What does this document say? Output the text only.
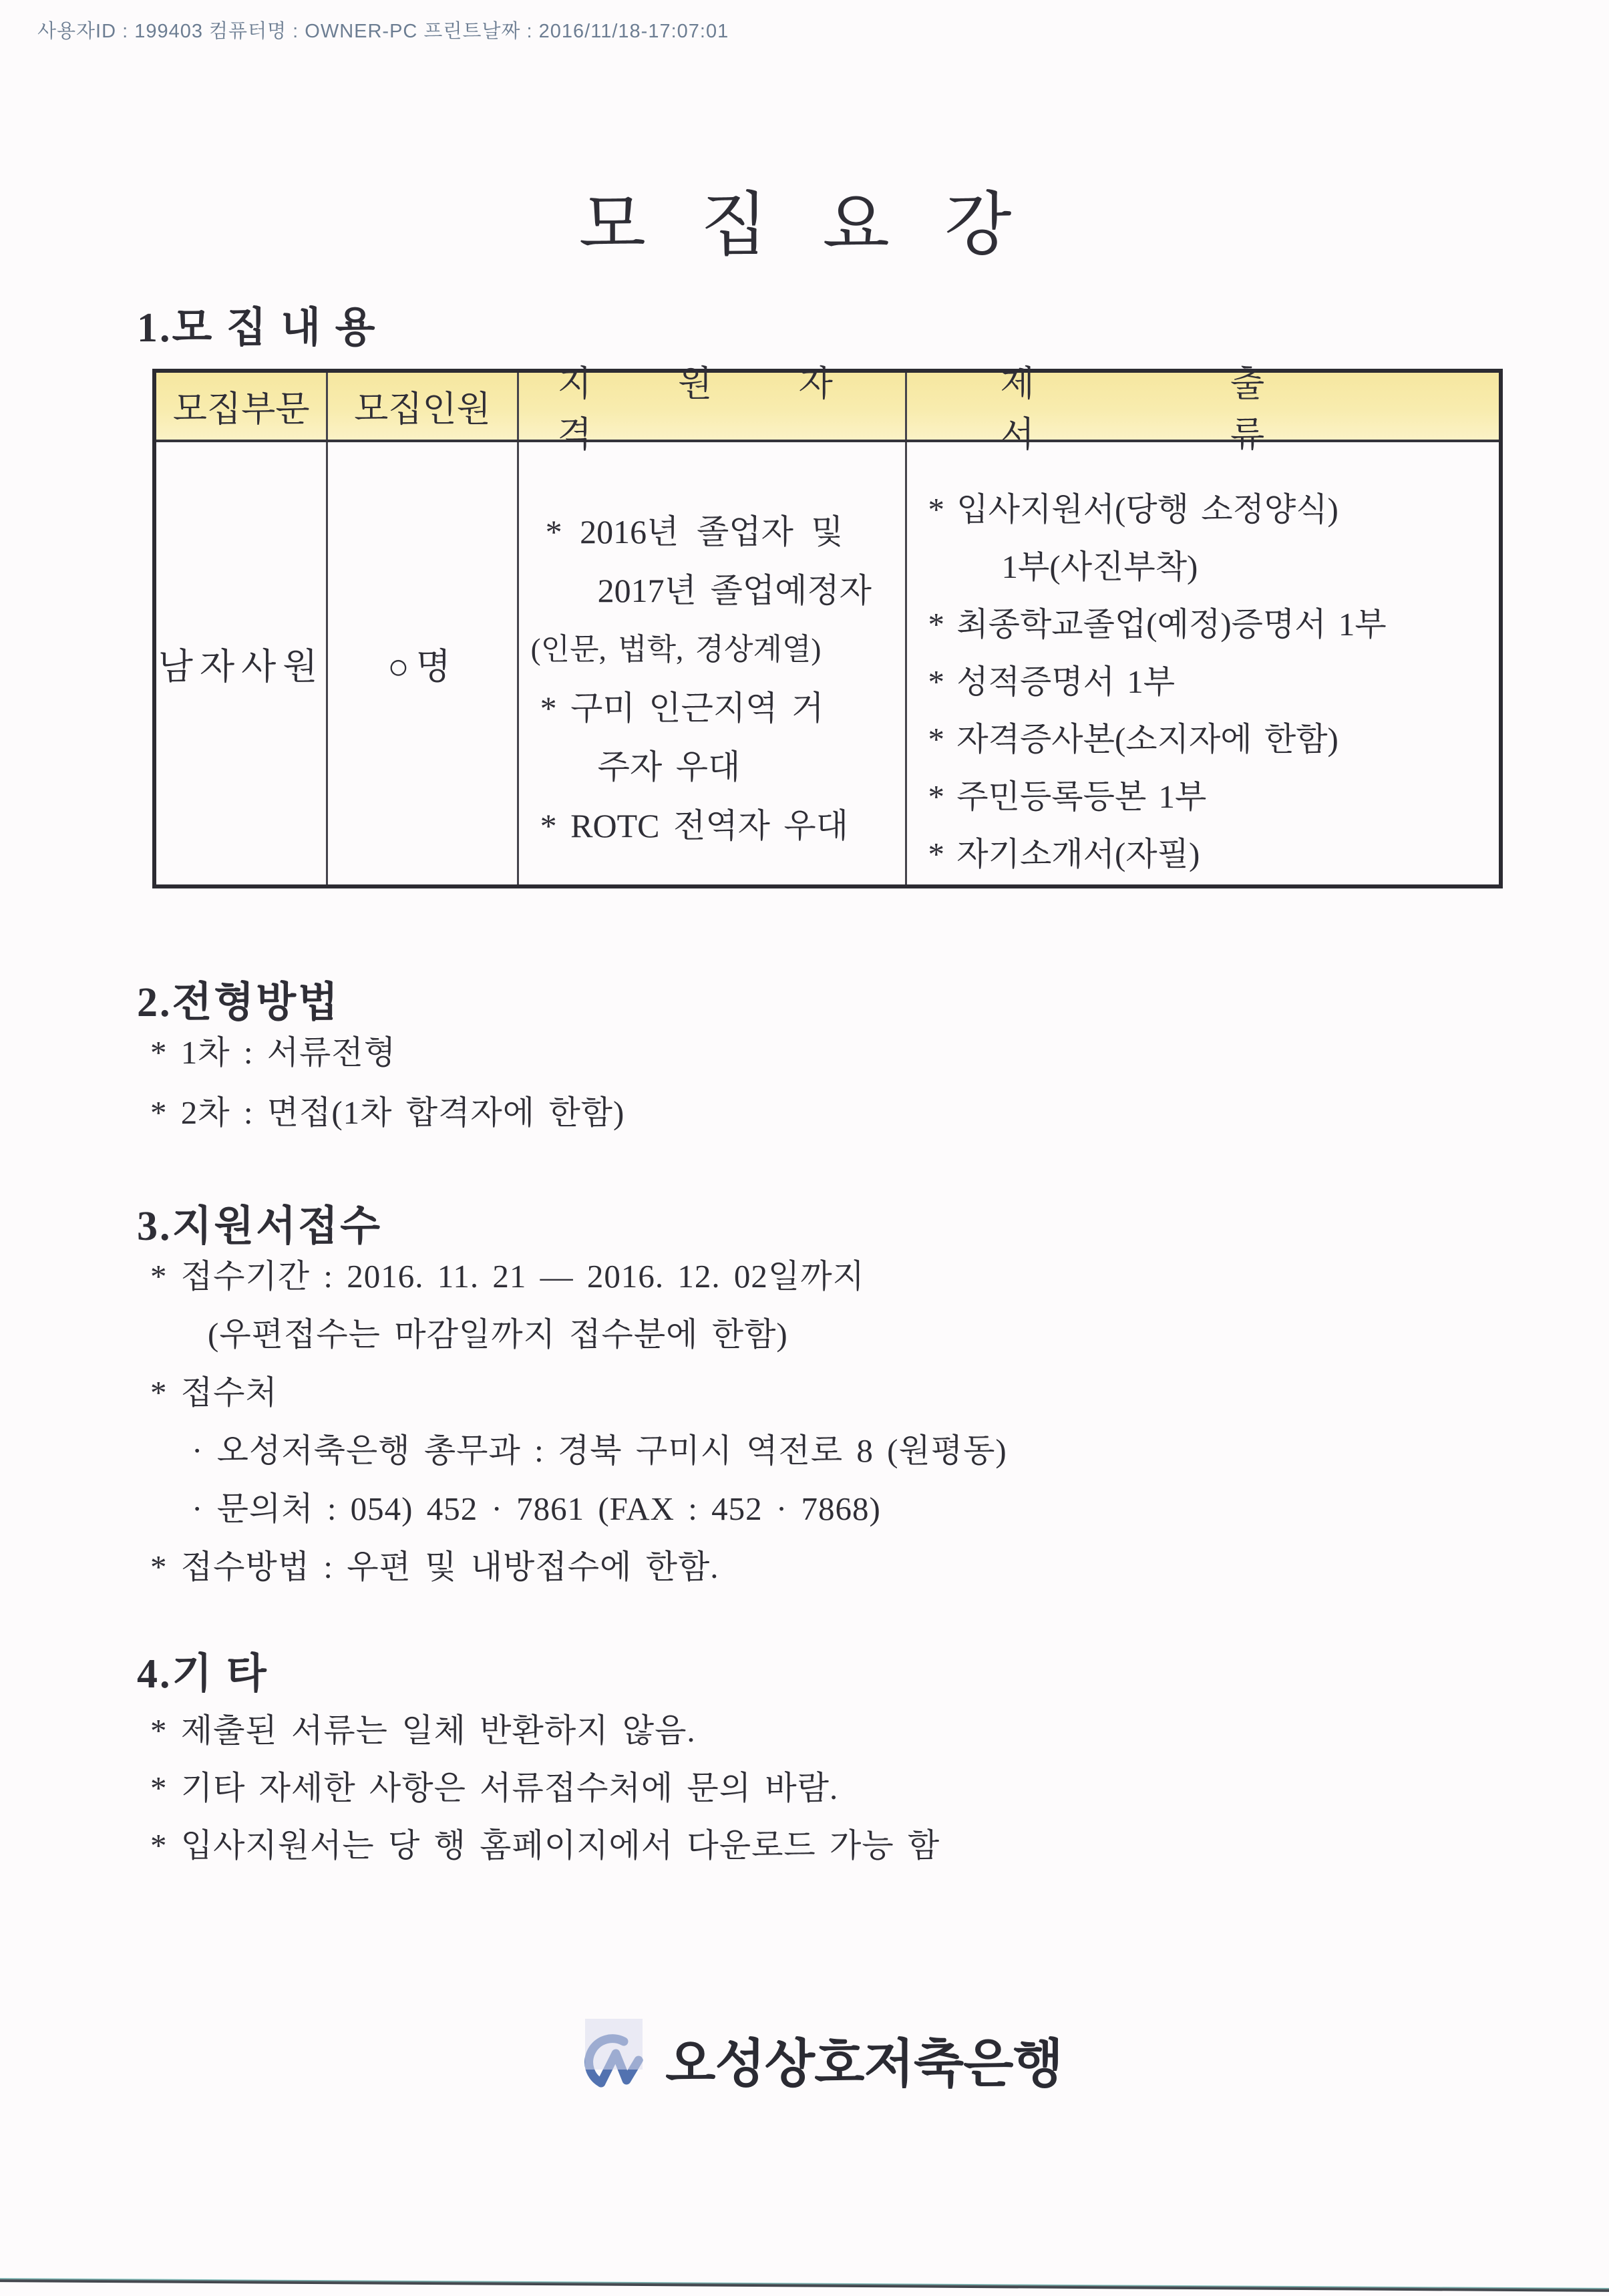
사용자ID : 199403 컴퓨터명 : OWNER-PC 프린트날짜 : 2016/11/18-17:07:01
모 집 요 강
1.모 집 내 용
모집부문	모집인원
지 원 자 격
제 출 서 류
남자사원	○명
* 2016년 졸업자 및
2017년 졸업예정자
(인문, 법학, 경상계열)
* 구미 인근지역 거
주자 우대
* ROTC 전역자 우대
* 입사지원서(당행 소정양식)
1부(사진부착)
* 최종학교졸업(예정)증명서 1부
* 성적증명서 1부
* 자격증사본(소지자에 한함)
* 주민등록등본 1부
* 자기소개서(자필)
2.전형방법
* 1차 : 서류전형
* 2차 : 면접(1차 합격자에 한함)
3.지원서접수
* 접수기간 : 2016. 11. 21 — 2016. 12. 02일까지
(우편접수는 마감일까지 접수분에 한함)
* 접수처
· 오성저축은행 총무과 : 경북 구미시 역전로 8 (원평동)
· 문의처 : 054) 452 · 7861 (FAX : 452 · 7868)
* 접수방법 : 우편 및 내방접수에 한함.
4.기 타
* 제출된 서류는 일체 반환하지 않음.
* 기타 자세한 사항은 서류접수처에 문의 바람.
* 입사지원서는 당 행 홈페이지에서 다운로드 가능 함
오성상호저축은행
